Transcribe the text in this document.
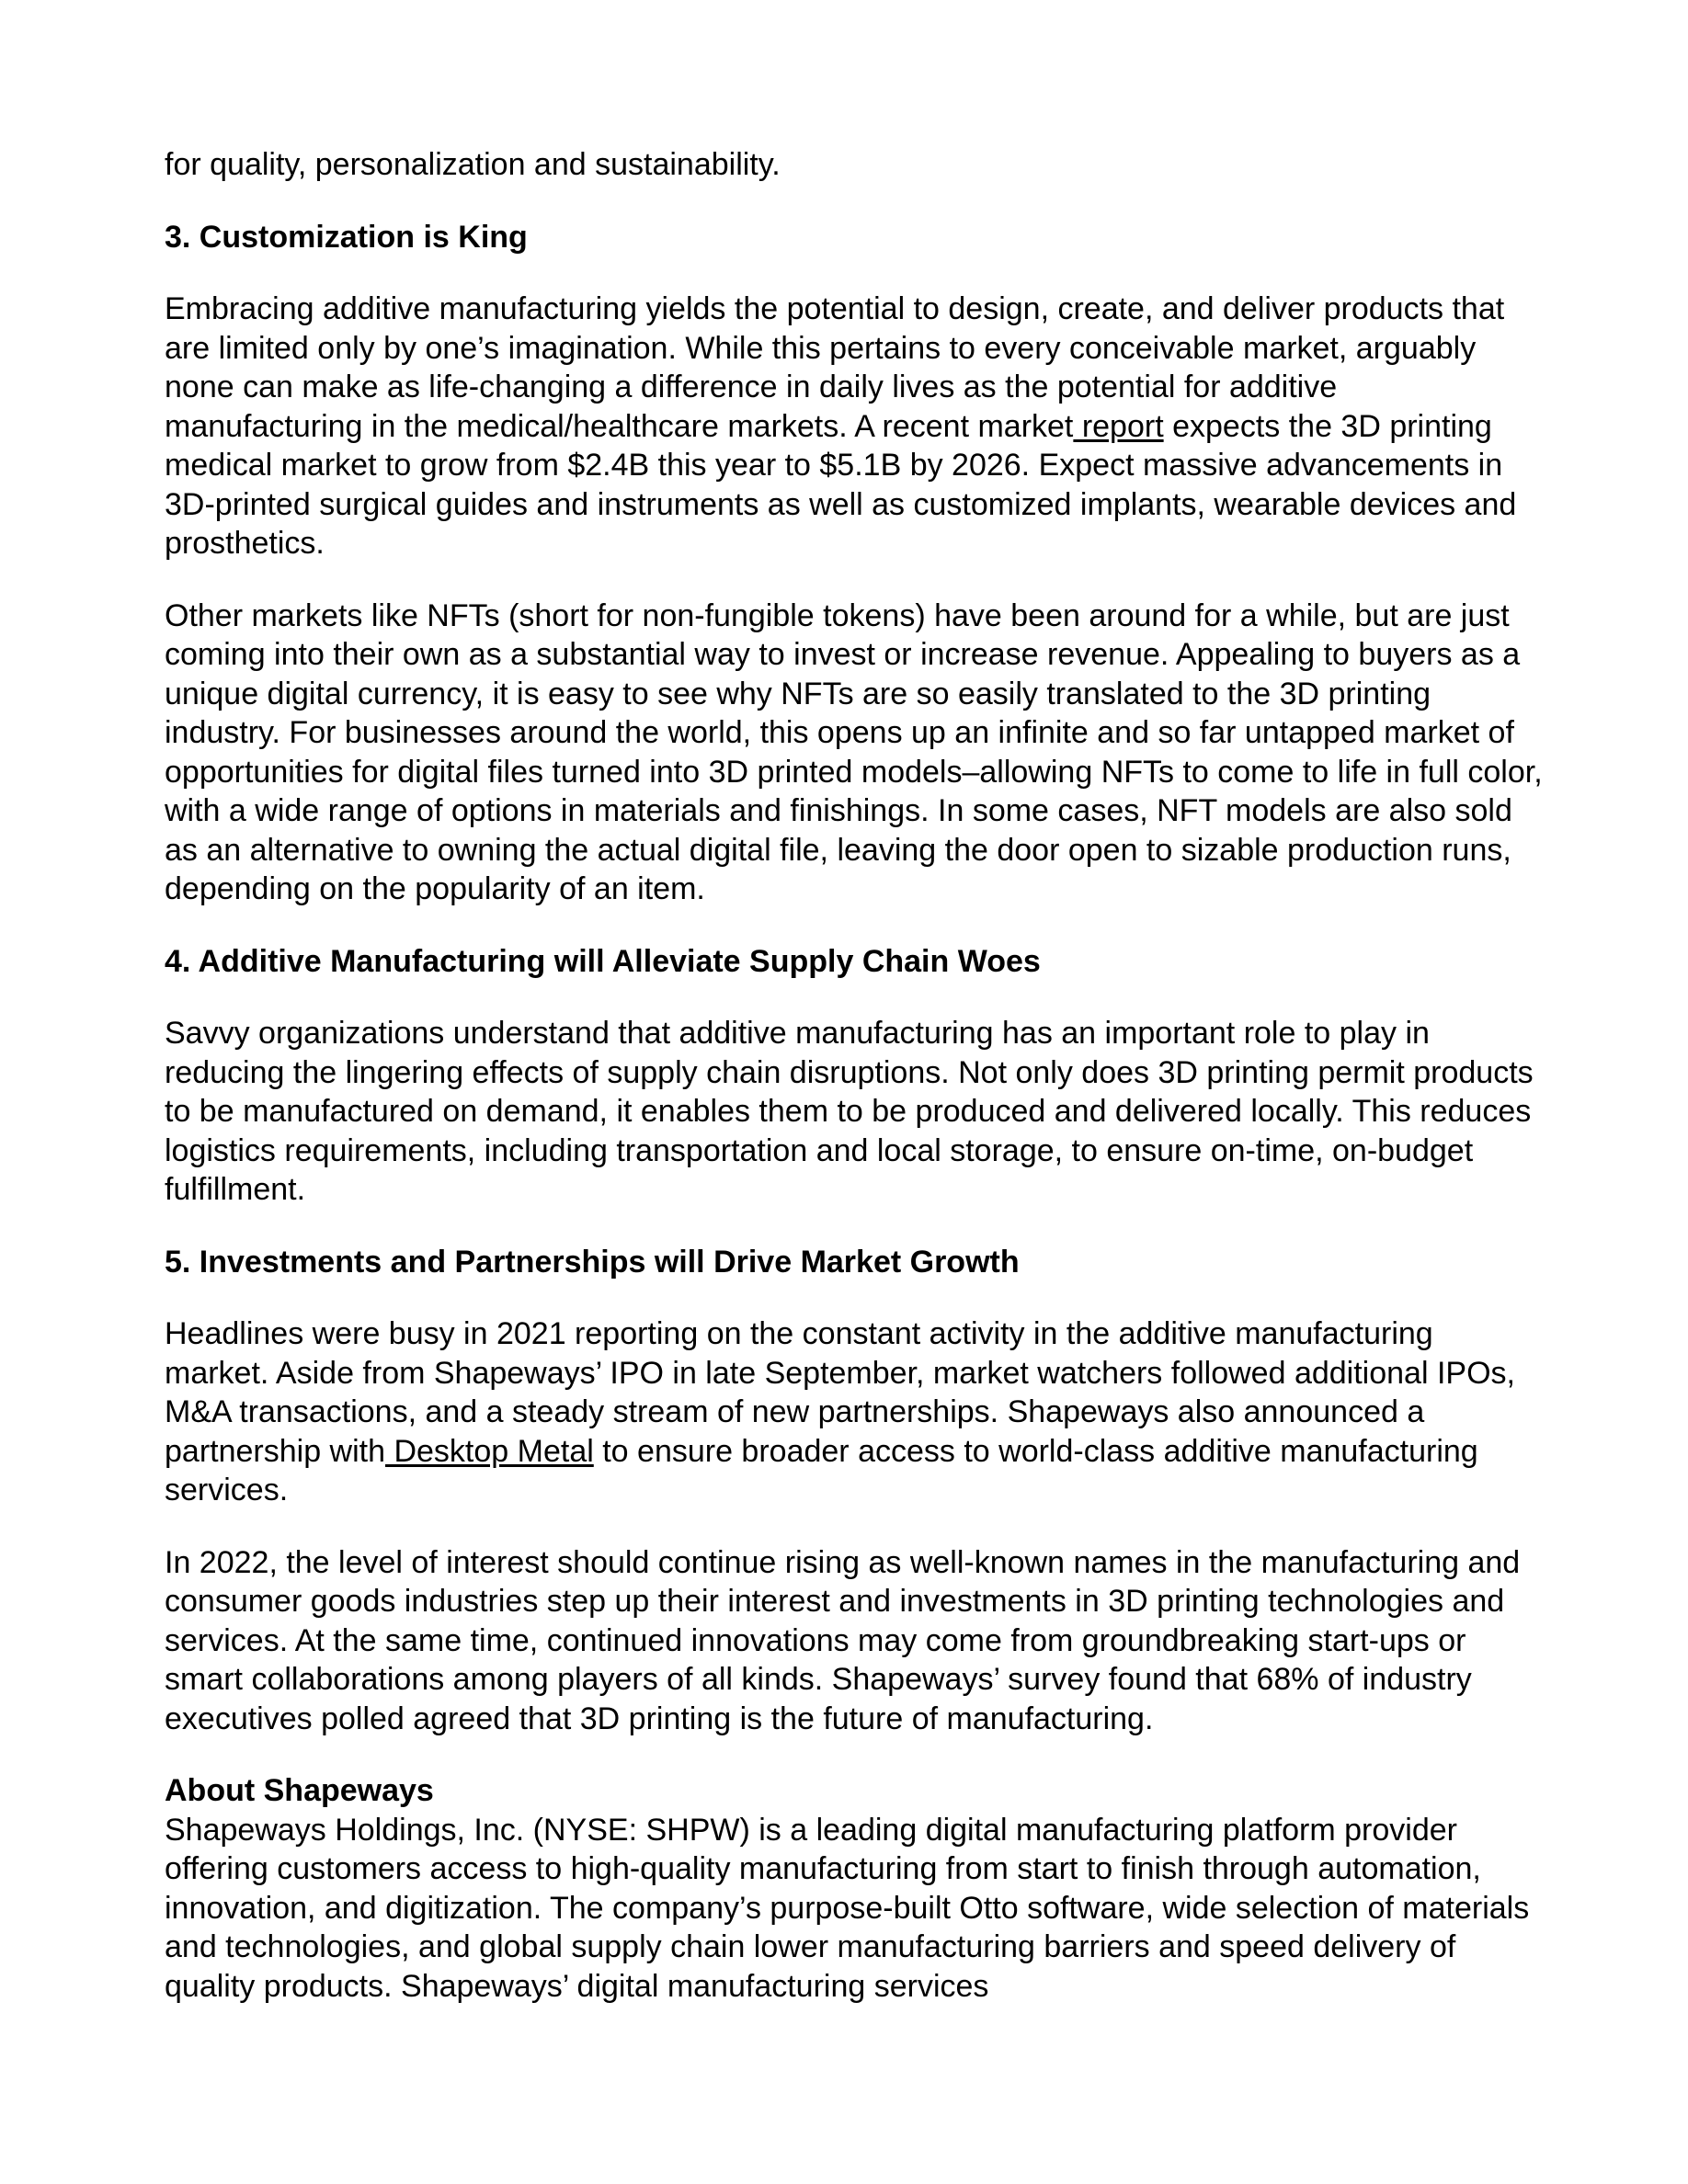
for quality, personalization and sustainability.

3. Customization is King

Embracing additive manufacturing yields the potential to design, create, and deliver products that are limited only by one’s imagination. While this pertains to every conceivable market, arguably none can make as life-changing a difference in daily lives as the potential for additive manufacturing in the medical/healthcare markets. A recent market report expects the 3D printing medical market to grow from $2.4B this year to $5.1B by 2026. Expect massive advancements in 3D-printed surgical guides and instruments as well as customized implants, wearable devices and prosthetics.

Other markets like NFTs (short for non-fungible tokens) have been around for a while, but are just coming into their own as a substantial way to invest or increase revenue. Appealing to buyers as a unique digital currency, it is easy to see why NFTs are so easily translated to the 3D printing industry. For businesses around the world, this opens up an infinite and so far untapped market of opportunities for digital files turned into 3D printed models–allowing NFTs to come to life in full color, with a wide range of options in materials and finishings. In some cases, NFT models are also sold as an alternative to owning the actual digital file, leaving the door open to sizable production runs, depending on the popularity of an item.

4. Additive Manufacturing will Alleviate Supply Chain Woes

Savvy organizations understand that additive manufacturing has an important role to play in reducing the lingering effects of supply chain disruptions. Not only does 3D printing permit products to be manufactured on demand, it enables them to be produced and delivered locally. This reduces logistics requirements, including transportation and local storage, to ensure on-time, on-budget fulfillment.

5. Investments and Partnerships will Drive Market Growth

Headlines were busy in 2021 reporting on the constant activity in the additive manufacturing market. Aside from Shapeways’ IPO in late September, market watchers followed additional IPOs, M&A transactions, and a steady stream of new partnerships. Shapeways also announced a partnership with Desktop Metal to ensure broader access to world-class additive manufacturing services.

In 2022, the level of interest should continue rising as well-known names in the manufacturing and consumer goods industries step up their interest and investments in 3D printing technologies and services. At the same time, continued innovations may come from groundbreaking start-ups or smart collaborations among players of all kinds. Shapeways’ survey found that 68% of industry executives polled agreed that 3D printing is the future of manufacturing.

About Shapeways

Shapeways Holdings, Inc. (NYSE: SHPW) is a leading digital manufacturing platform provider offering customers access to high-quality manufacturing from start to finish through automation, innovation, and digitization. The company’s purpose-built Otto software, wide selection of materials and technologies, and global supply chain lower manufacturing barriers and speed delivery of quality products. Shapeways’ digital manufacturing services
